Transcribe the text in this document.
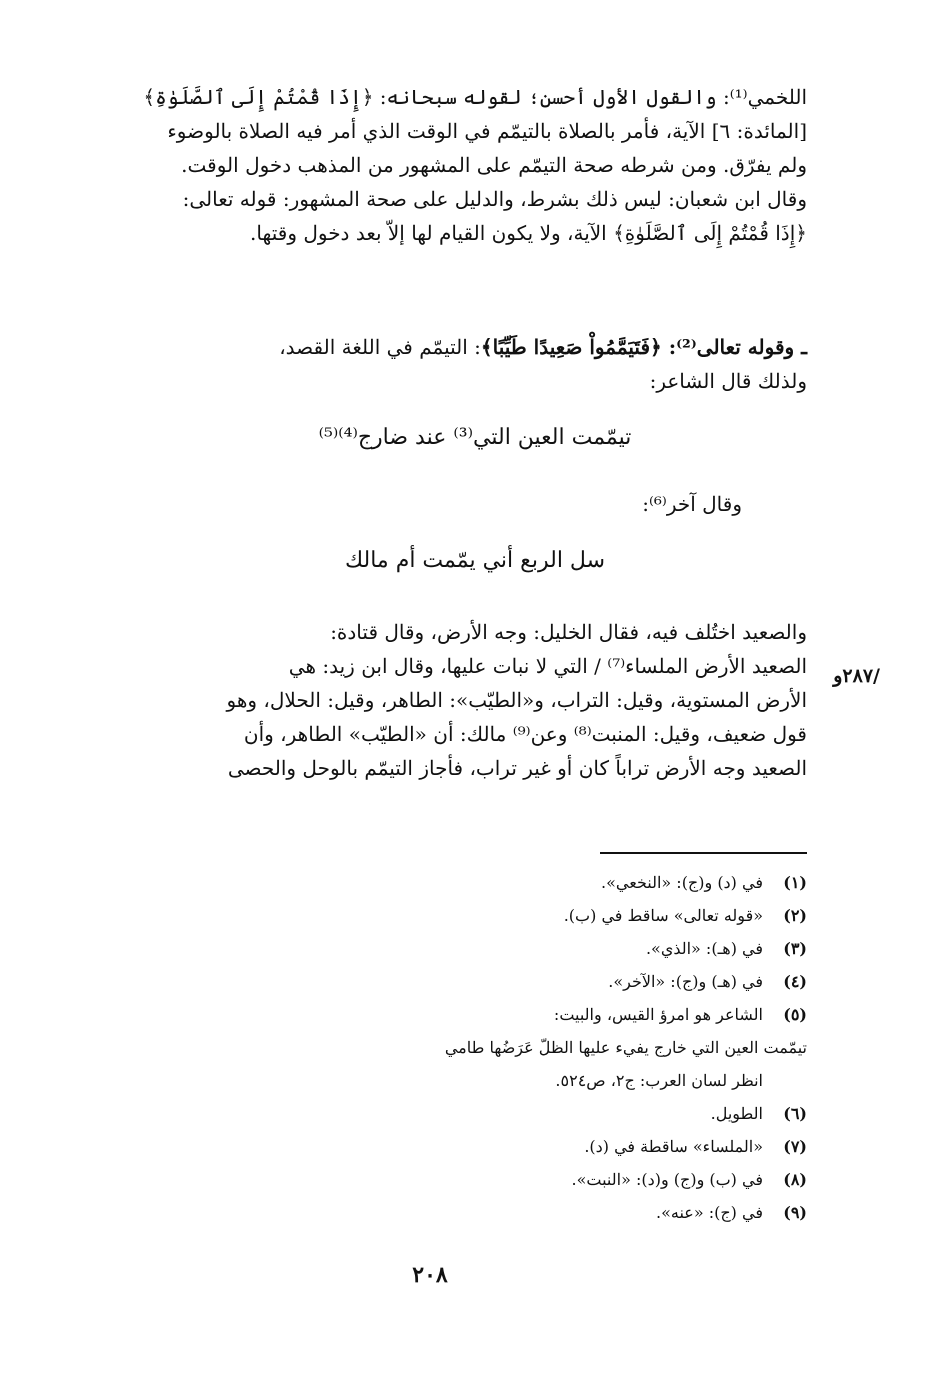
اللخمي⁽¹⁾: والقول الأول أحسن؛ لقوله سبحانه: ﴿إِذَا قُمْتُمْ إِلَى ٱلصَّلَوٰةِ﴾

[المائدة: ٦] الآية، فأمر بالصلاة بالتيمّم في الوقت الذي أمر فيه الصلاة بالوضوء

ولم يفرّق. ومن شرطه صحة التيمّم على المشهور من المذهب دخول الوقت.

وقال ابن شعبان: ليس ذلك بشرط، والدليل على صحة المشهور: قوله تعالى:

﴿إِذَا قُمْتُمْ إِلَى ٱلصَّلَوٰةِ﴾ الآية، ولا يكون القيام لها إلاّ بعد دخول وقتها.

ـ وقوله تعالى⁽²⁾: ﴿فَتَيَمَّمُواْ صَعِيدًا طَيِّبًا﴾: التيمّم في اللغة القصد،

ولذلك قال الشاعر:

تيمّمت العين التي⁽³⁾ عند ضارج⁽⁴⁾⁽⁵⁾
وقال آخر⁽⁶⁾:
سل الربع أني يمّمت أم مالك

والصعيد اختُلف فيه، فقال الخليل: وجه الأرض، وقال قتادة:

الصعيد الأرض الملساء⁽⁷⁾ / التي لا نبات عليها، وقال ابن زيد: هي

الأرض المستوية، وقيل: التراب، و«الطيّب»: الطاهر، وقيل: الحلال، وهو

قول ضعيف، وقيل: المنبت⁽⁸⁾ وعن⁽⁹⁾ مالك: أن «الطيّب» الطاهر، وأن

الصعيد وجه الأرض تراباً كان أو غير تراب، فأجاز التيمّم بالوحل والحصى

٢٨٧و/
(١)في (د) و(ج): «النخعي».
(٢)«قوله تعالى» ساقط في (ب).
(٣)في (هـ): «الذي».
(٤)في (هـ) و(ج): «الآخر».
(٥)الشاعر هو امرؤ القيس، والبيت:
تيمّمت العين التي خارج يفيء عليها الظلّ عَرَضُها طامي
انظر لسان العرب: ج٢، ص٥٢٤.
(٦)الطويل.
(٧)«الملساء» ساقطة في (د).
(٨)في (ب) و(ج) و(د): «النبت».
(٩)في (ج): «عنه».
٢٠٨
